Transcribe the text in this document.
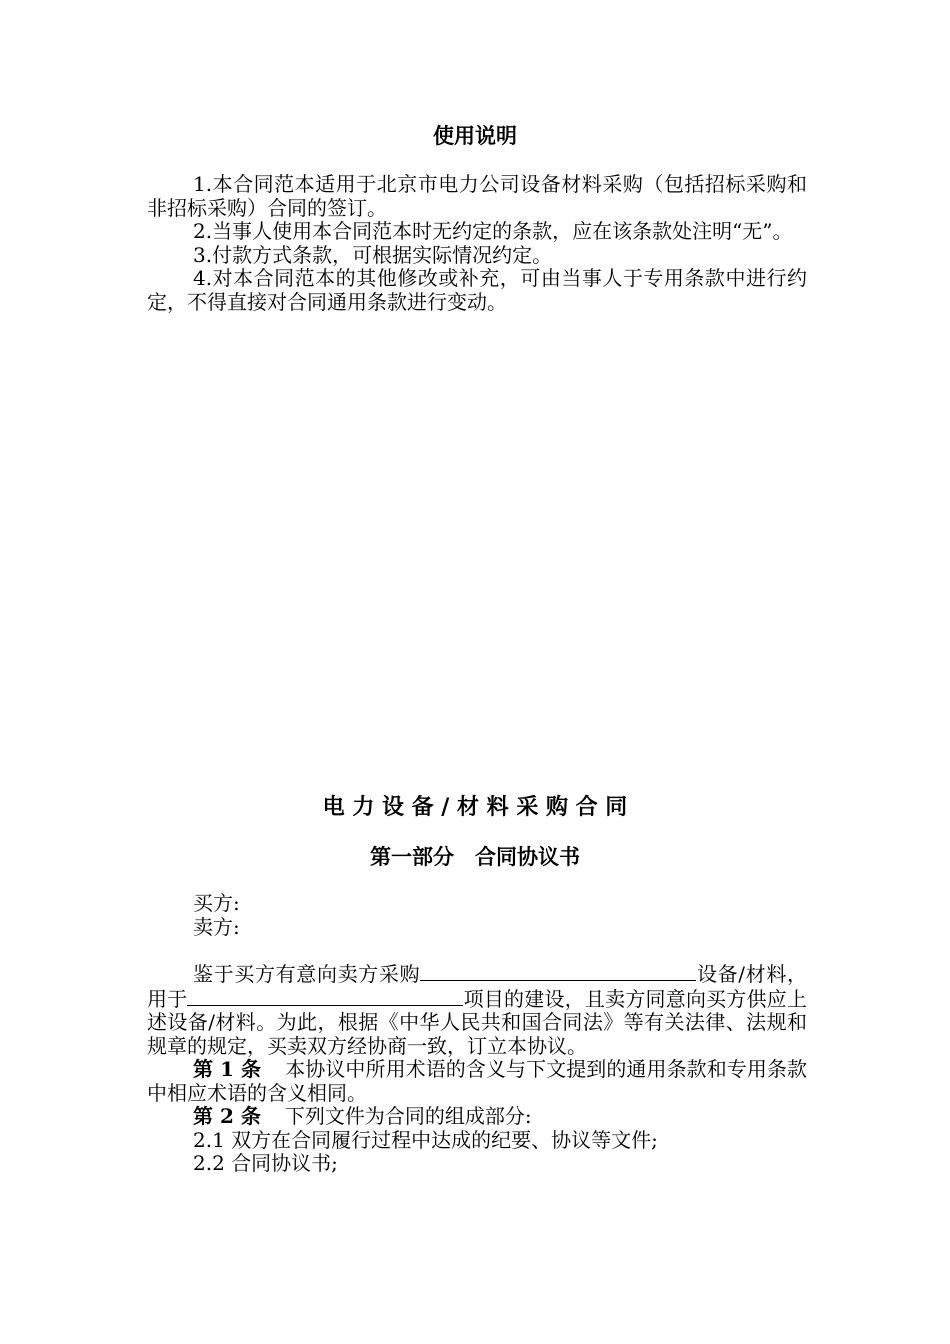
使用说明

1.本合同范本适用于北京市电力公司设备材料采购（包括招标采购和非招标采购）合同的签订。

2.当事人使用本合同范本时无约定的条款，应在该条款处注明“无”。

3.付款方式条款，可根据实际情况约定。

4.对本合同范本的其他修改或补充，可由当事人于专用条款中进行约定，不得直接对合同通用条款进行变动。

电 力 设 备 / 材 料 采 购 合 同
第一部分　合同协议书

买方:

卖方:

鉴于买方有意向卖方采购	设备/材料，用于	项目的建设，且卖方同意向买方供应上述设备/材料。为此，根据《中华人民共和国合同法》等有关法律、法规和规章的规定，买卖双方经协商一致，订立本协议。

第 1 条 本协议中所用术语的含义与下文提到的通用条款和专用条款中相应术语的含义相同。

第 2 条 下列文件为合同的组成部分:

2.1 双方在合同履行过程中达成的纪要、协议等文件;

2.2 合同协议书;
